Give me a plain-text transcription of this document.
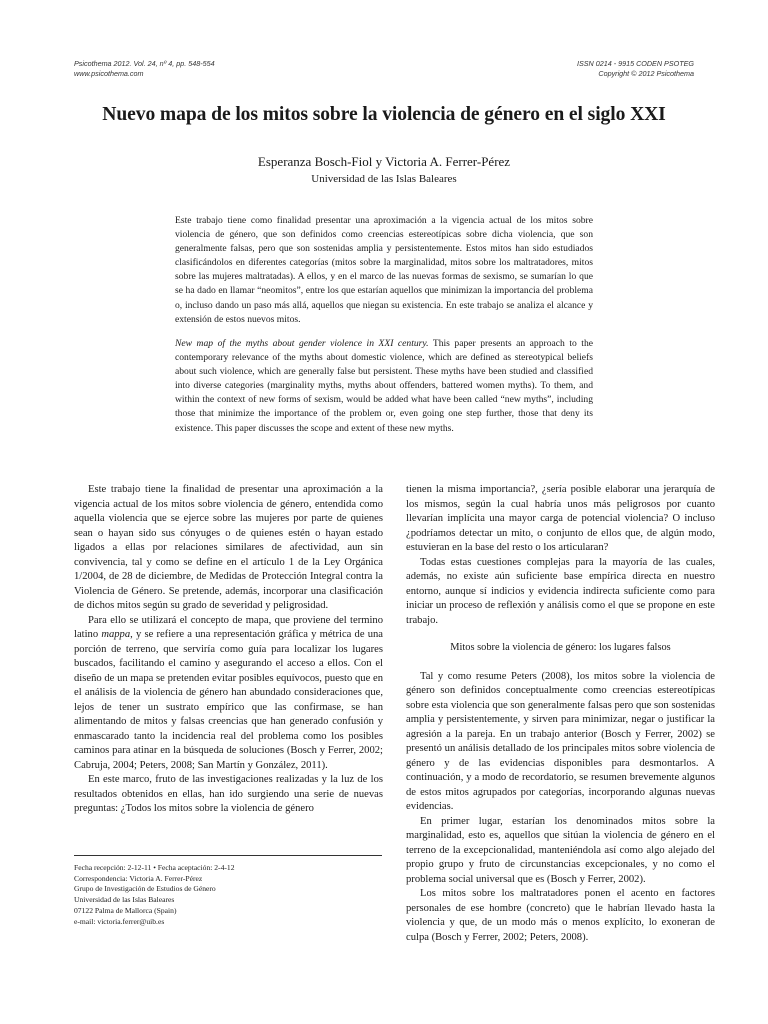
Psicothema 2012. Vol. 24, nº 4, pp. 548-554
www.psicothema.com
ISSN 0214 - 9915 CODEN PSOTEG
Copyright © 2012 Psicothema
Nuevo mapa de los mitos sobre la violencia de género en el siglo XXI
Esperanza Bosch-Fiol y Victoria A. Ferrer-Pérez
Universidad de las Islas Baleares
Este trabajo tiene como finalidad presentar una aproximación a la vigencia actual de los mitos sobre violencia de género, que son definidos como creencias estereotípicas sobre dicha violencia, que son generalmente falsas, pero que son sostenidas amplia y persistentemente. Estos mitos han sido estudiados clasificándolos en diferentes categorías (mitos sobre la marginalidad, mitos sobre los maltratadores, mitos sobre las mujeres maltratadas). A ellos, y en el marco de las nuevas formas de sexismo, se sumarían lo que se ha dado en llamar “neomitos”, entre los que estarían aquellos que minimizan la importancia del problema o, incluso dando un paso más allá, aquellos que niegan su existencia. En este trabajo se analiza el alcance y extensión de estos nuevos mitos.
New map of the myths about gender violence in XXI century. This paper presents an approach to the contemporary relevance of the myths about domestic violence, which are defined as stereotypical beliefs about such violence, which are generally false but persistent. These myths have been studied and classified into diverse categories (marginality myths, myths about offenders, battered women myths). To them, and within the context of new forms of sexism, would be added what have been called “new myths”, including those that minimize the importance of the problem or, even going one step further, those that deny its existence. This paper discusses the scope and extent of these new myths.

Este trabajo tiene la finalidad de presentar una aproximación a la vigencia actual de los mitos sobre violencia de género, entendida como aquella violencia que se ejerce sobre las mujeres por parte de quienes sean o hayan sido sus cónyuges o de quienes estén o hayan estado ligados a ellas por relaciones similares de afectividad, aun sin convivencia, tal y como se define en el artículo 1 de la Ley Orgánica 1/2004, de 28 de diciembre, de Medidas de Protección Integral contra la Violencia de Género. Se pretende, además, incorporar una clasificación de dichos mitos según su grado de severidad y peligrosidad.

Para ello se utilizará el concepto de mapa, que proviene del termino latino mappa, y se refiere a una representación gráfica y métrica de una porción de terreno, que serviría como guía para localizar los lugares buscados, facilitando el camino y asegurando el acceso a ellos. Con el diseño de un mapa se pretenden evitar posibles equívocos, puesto que en el análisis de la violencia de género han abundado consideraciones que, lejos de tener un sustrato empírico que las confirmase, se han alimentando de mitos y falsas creencias que han generado confusión y enmascarado tanto la incidencia real del problema como los posibles caminos para atinar en la búsqueda de soluciones (Bosch y Ferrer, 2002; Cabruja, 2004; Peters, 2008; San Martín y González, 2011).

En este marco, fruto de las investigaciones realizadas y la luz de los resultados obtenidos en ellas, han ido surgiendo una serie de nuevas preguntas: ¿Todos los mitos sobre la violencia de género

tienen la misma importancia?, ¿sería posible elaborar una jerarquía de los mismos, según la cual habría unos más peligrosos por cuanto llevarían implícita una mayor carga de potencial violencia? O incluso ¿podríamos detectar un mito, o conjunto de ellos que, de algún modo, estuvieran en la base del resto o los articularan?

Todas estas cuestiones complejas para la mayoría de las cuales, además, no existe aún suficiente base empírica directa en nuestro entorno, aunque sí indicios y evidencia indirecta suficiente como para iniciar un proceso de reflexión y análisis como el que se propone en este trabajo.

Mitos sobre la violencia de género: los lugares falsos

Tal y como resume Peters (2008), los mitos sobre la violencia de género son definidos conceptualmente como creencias estereotípicas sobre esta violencia que son generalmente falsas pero que son sostenidas amplia y persistentemente, y sirven para minimizar, negar o justificar la agresión a la pareja. En un trabajo anterior (Bosch y Ferrer, 2002) se presentó un análisis detallado de los principales mitos sobre violencia de género y de las evidencias disponibles para desmontarlos. A continuación, y a modo de recordatorio, se resumen brevemente algunos de estos mitos agrupados por categorías, incorporando algunas nuevas evidencias.

En primer lugar, estarían los denominados mitos sobre la marginalidad, esto es, aquellos que sitúan la violencia de género en el terreno de la excepcionalidad, manteniéndola así como algo alejado del propio grupo y fruto de circunstancias excepcionales, y no como el problema social universal que es (Bosch y Ferrer, 2002).

Los mitos sobre los maltratadores ponen el acento en factores personales de ese hombre (concreto) que le habrían llevado hasta la violencia y que, de un modo más o menos explícito, lo exoneran de culpa (Bosch y Ferrer, 2002; Peters, 2008).

Fecha recepción: 2-12-11 • Fecha aceptación: 2-4-12
Correspondencia: Victoria A. Ferrer-Pérez
Grupo de Investigación de Estudios de Género
Universidad de las Islas Baleares
07122 Palma de Mallorca (Spain)
e-mail: victoria.ferrer@uib.es
